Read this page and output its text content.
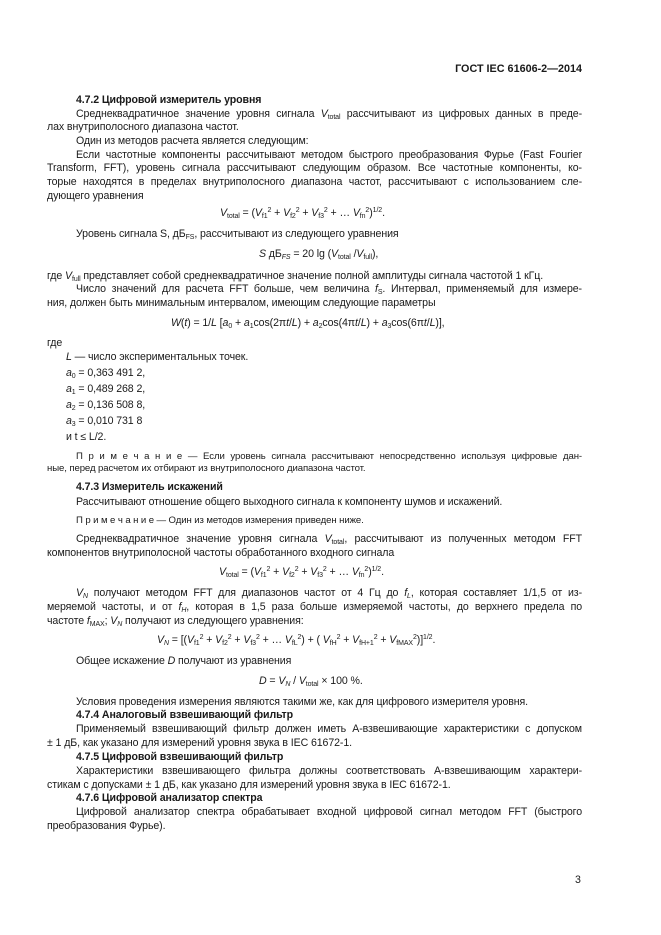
ГОСТ IEC 61606-2—2014
4.7.2 Цифровой измеритель уровня
Среднеквадратичное значение уровня сигнала $V_{total}$ рассчитывают из цифровых данных в преде-
лах внутриполосного диапазона частот.
Один из методов расчета является следующим:
Если частотные компоненты рассчитывают методом быстрого преобразования Фурье (Fast Fourier
Transform, FFT), уровень сигнала рассчитывают следующим образом. Все частотные компоненты, ко-
торые находятся в пределах внутриполосного диапазона частот, рассчитывают с использованием сле-
дующего уравнения
$V_{total} = (V_{f1}^2 + V_{f2}^2 + V_{f3}^2$ + … $V_{fn}^2)^{1/2}$.
Уровень сигнала S, $дБ_{FS}$, рассчитывают из следующего уравнения
S $дБ_{FS} = 20$ $\lg (V_{total}$ $/V_{full}$),
где $V_{full}$ представляет собой среднеквадратичное значение полной амплитуды сигнала частотой 1 кГц.
Число значений для расчета FFT больше, чем величина $f_S$. Интервал, применяемый для измере-
ния, должен быть минимальным интервалом, имеющим следующие параметры
W(t) = 1/L $[a_0 + a_1\cos(2\pi t/L) + a_2\cos(4\pi t/L) + a_3\cos(6\pi t/L)]$,
где
L — число экспериментальных точек.
$a_0 = 0,363$ 491 2,
$a_1 = 0,489$ 268 2,
$a_2 = 0,136$ 508 8,
$a_3 = 0,010$ 731 8
и t ≤ L/2.
П р и м е ч а н и е — Если уровень сигнала рассчитывают непосредственно используя цифровые дан-
ные, перед расчетом их отбирают из внутриполосного диапазона частот.
4.7.3 Измеритель искажений
Рассчитывают отношение общего выходного сигнала к компоненту шумов и искажений.
П р и м е ч а н и е — Один из методов измерения приведен ниже.
Среднеквадратичное значение уровня сигнала $V_{total}$, рассчитывают из полученных методом FFT
компонентов внутриполосной частоты обработанного входного сигнала
$V_{total} = (V_{f1}^2 + V_{f2}^2 + V_{f3}^2$ + … $V_{fn}^2)^{1/2}$.
$V_N$ получают методом FFT для диапазонов частот от 4 Гц до $f_L$, которая составляет 1/1,5 от из-
меряемой частоты, и от $f_H$, которая в 1,5 раза больше измеряемой частоты, до верхнего предела по
частоте $f_{MAX}$; $V_N$ получают из следующего уравнения:
$V_N = [(V_{f1}^2 + V_{f2}^2 + V_{f3}^2$ + … $V_{fL}^2$) + ( $V_{fH}^2 + V_{fH+1}^2 + V_{fMAX}^2)]^{1/2}$.
Общее искажение D получают из уравнения
$D = V_N / V_{total} \times 100$ %.
Условия проведения измерения являются такими же, как для цифрового измерителя уровня.
4.7.4 Аналоговый взвешивающий фильтр
Применяемый взвешивающий фильтр должен иметь А-взвешивающие характеристики с допуском
± 1 дБ, как указано для измерений уровня звука в IEC 61672-1.
4.7.5 Цифровой взвешивающий фильтр
Характеристики взвешивающего фильтра должны соответствовать А-взвешивающим характери-
стикам с допусками ± 1 дБ, как указано для измерений уровня звука в IEC 61672-1.
4.7.6 Цифровой анализатор спектра
Цифровой анализатор спектра обрабатывает входной цифровой сигнал методом FFT (быстрого
преобразования Фурье).
3
